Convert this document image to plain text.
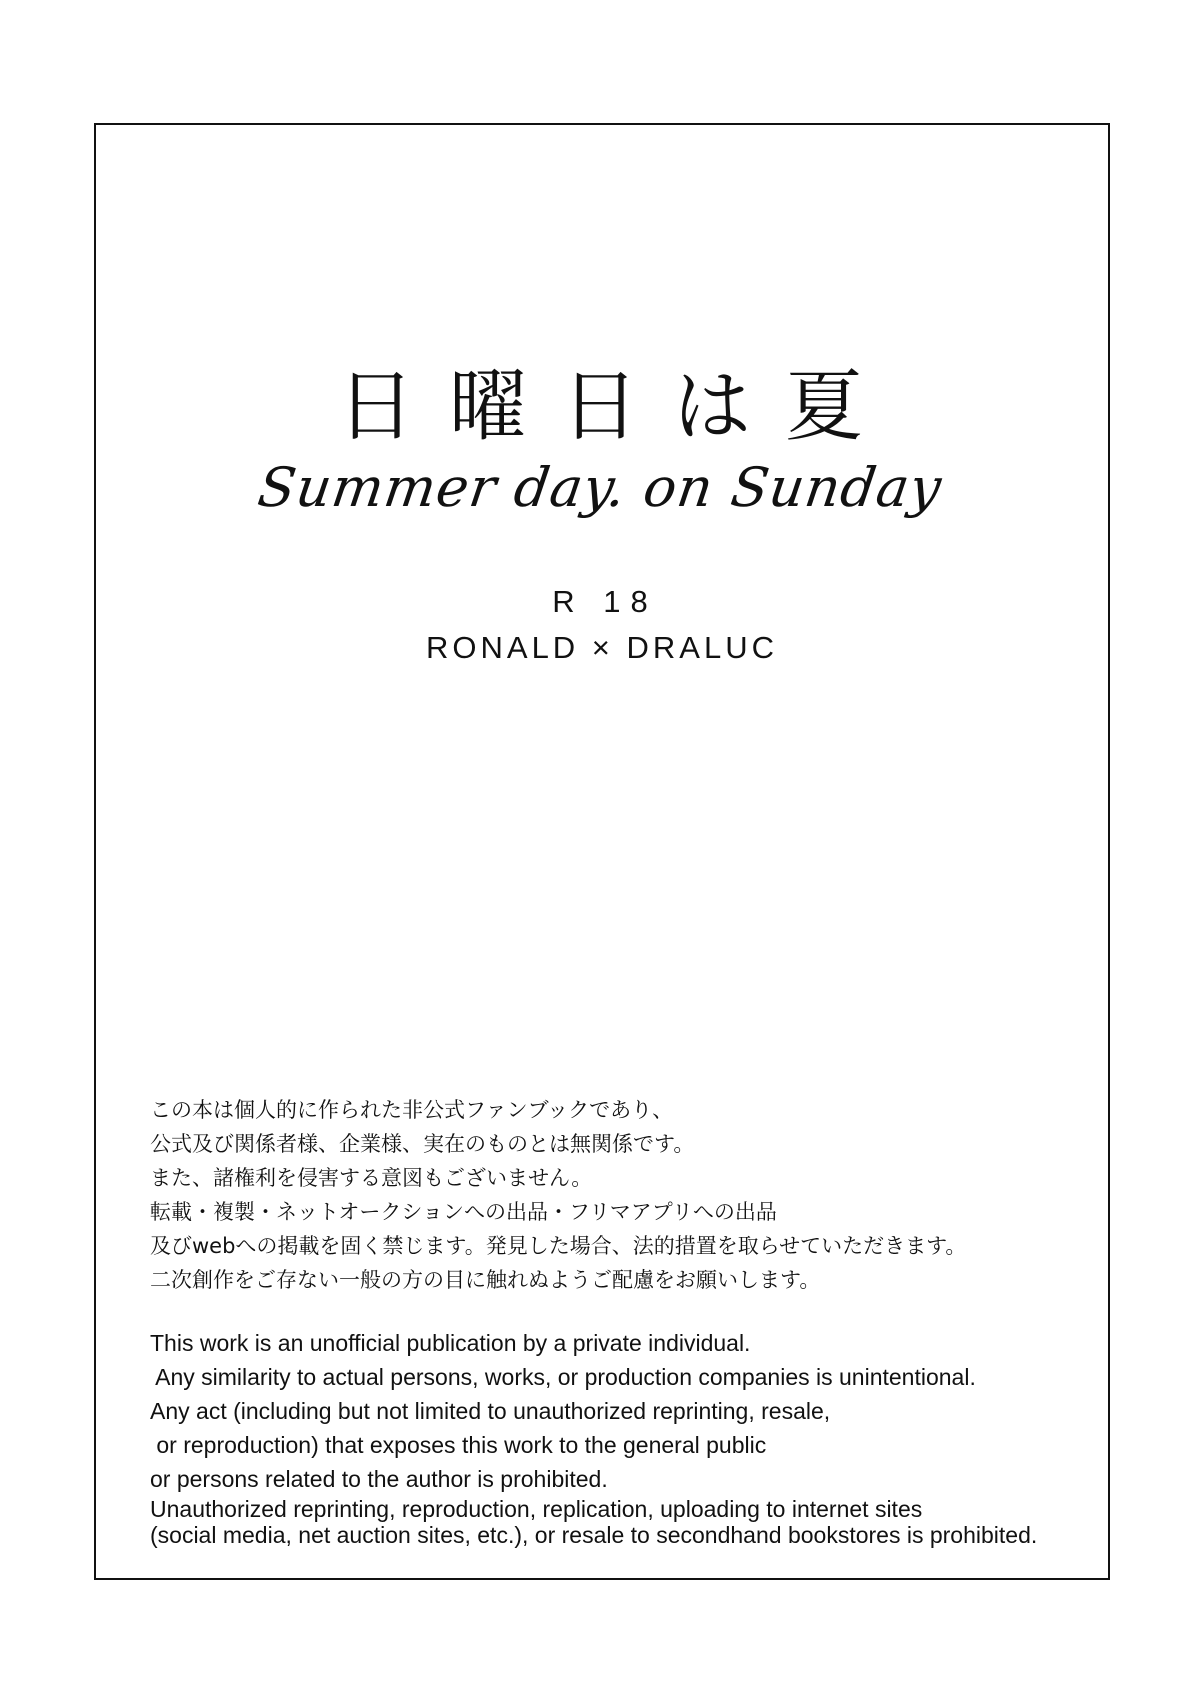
日曜日は夏
Summer day. on Sunday
R 18
RONALD × DRALUC
この本は個人的に作られた非公式ファンブックであり、
公式及び関係者様、企業様、実在のものとは無関係です。
また、諸権利を侵害する意図もございません。
転載・複製・ネットオークションへの出品・フリマアプリへの出品
及びwebへの掲載を固く禁じます。発見した場合、法的措置を取らせていただきます。
二次創作をご存ない一般の方の目に触れぬようご配慮をお願いします。
This work is an unofficial publication by a private individual.
Any similarity to actual persons, works, or production companies is unintentional.
Any act (including but not limited to unauthorized reprinting, resale,
or reproduction) that exposes this work to the general public
or persons related to the author is prohibited.
Unauthorized reprinting, reproduction, replication, uploading to internet sites
(social media, net auction sites, etc.), or resale to secondhand bookstores is prohibited.
